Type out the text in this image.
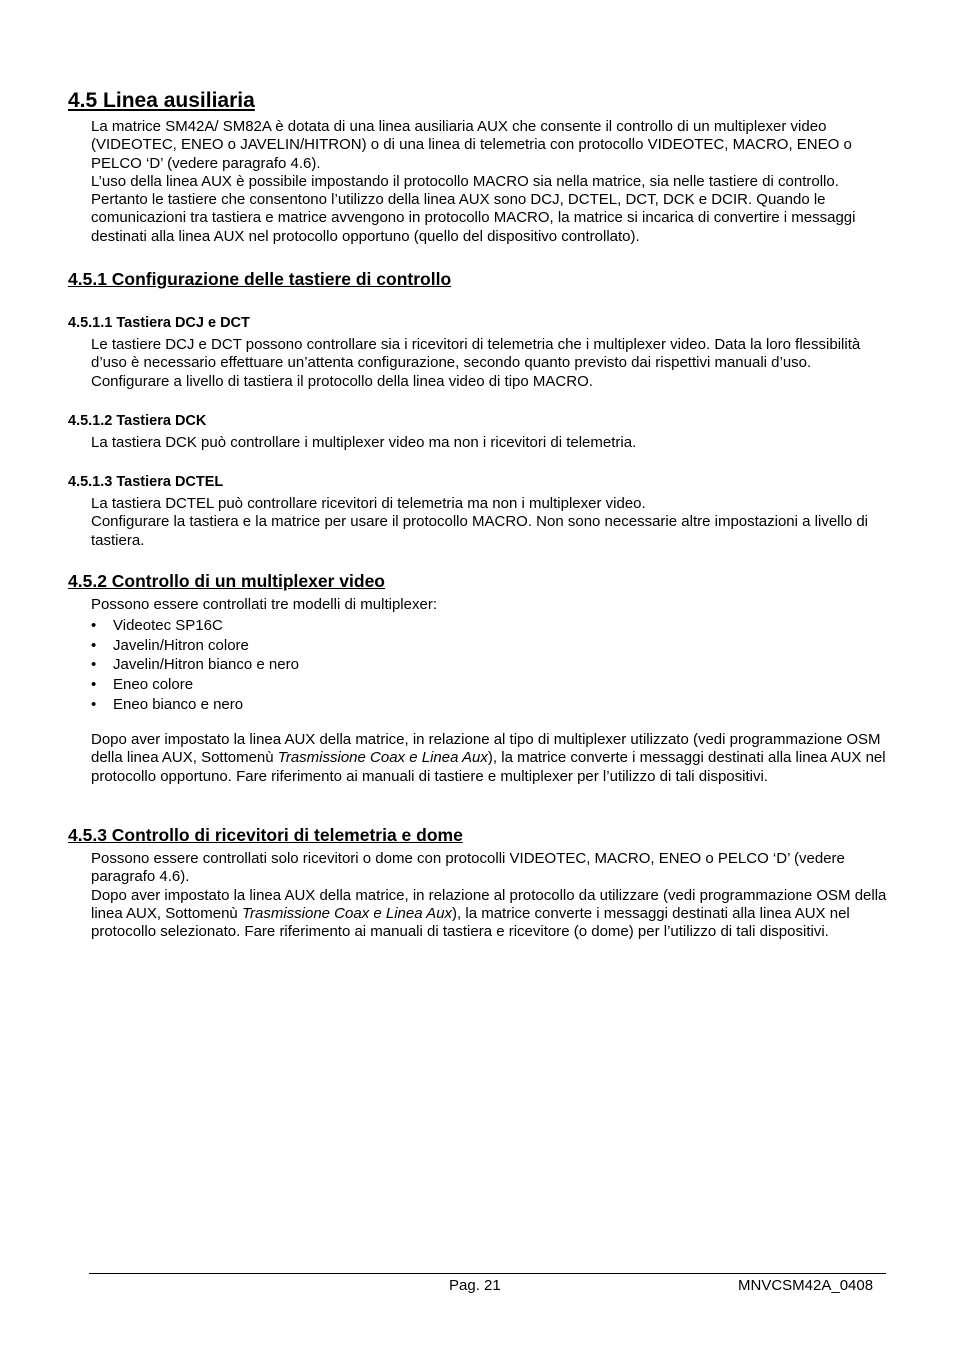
4.5 Linea ausiliaria

La matrice SM42A/ SM82A è dotata di una linea ausiliaria AUX che consente il controllo di un multiplexer video (VIDEOTEC, ENEO o JAVELIN/HITRON) o di una linea di telemetria con protocollo VIDEOTEC, MACRO, ENEO o PELCO ‘D’ (vedere paragrafo 4.6).

L’uso della linea AUX è possibile impostando il protocollo MACRO sia nella matrice, sia nelle tastiere di controllo. Pertanto le tastiere che consentono l’utilizzo della linea AUX sono DCJ, DCTEL, DCT, DCK e DCIR. Quando le comunicazioni tra tastiera e matrice avvengono in protocollo MACRO, la matrice si incarica di convertire i messaggi destinati alla linea AUX nel protocollo opportuno (quello del dispositivo controllato).

4.5.1 Configurazione delle tastiere di controllo
4.5.1.1 Tastiera DCJ e DCT

Le tastiere DCJ e DCT possono controllare sia i ricevitori di telemetria che i multiplexer video. Data la loro flessibilità d’uso è necessario effettuare un’attenta configurazione, secondo quanto previsto dai rispettivi manuali d’uso. Configurare a livello di tastiera il protocollo della linea video di tipo MACRO.

4.5.1.2 Tastiera DCK

La tastiera DCK può controllare i multiplexer video ma non i ricevitori di telemetria.

4.5.1.3 Tastiera DCTEL

La tastiera DCTEL può controllare ricevitori di telemetria ma non i multiplexer video.

Configurare la tastiera e la matrice per usare il protocollo MACRO. Non sono necessarie altre impostazioni a livello di tastiera.

4.5.2 Controllo di un multiplexer video

Possono essere controllati tre modelli di multiplexer:

•	Videotec SP16C
•	Javelin/Hitron colore
•	Javelin/Hitron bianco e nero
•	Eneo colore
•	Eneo bianco e nero

Dopo aver impostato la linea AUX della matrice, in relazione al tipo di multiplexer utilizzato (vedi programmazione OSM della linea AUX, Sottomenù Trasmissione Coax e Linea Aux), la matrice converte i messaggi destinati alla linea AUX nel protocollo opportuno. Fare riferimento ai manuali di tastiere e multiplexer per l’utilizzo di tali dispositivi.

4.5.3 Controllo di ricevitori di telemetria e dome

Possono essere controllati solo ricevitori o dome con protocolli VIDEOTEC, MACRO, ENEO o PELCO ‘D’ (vedere paragrafo 4.6).

Dopo aver impostato la linea AUX della matrice, in relazione al protocollo da utilizzare (vedi programmazione OSM della linea AUX, Sottomenù Trasmissione Coax e Linea Aux), la matrice converte i messaggi destinati alla linea AUX nel protocollo selezionato. Fare riferimento ai manuali di tastiera e ricevitore (o dome) per l’utilizzo di tali dispositivi.

Pag. 21	MNVCSM42A_0408
